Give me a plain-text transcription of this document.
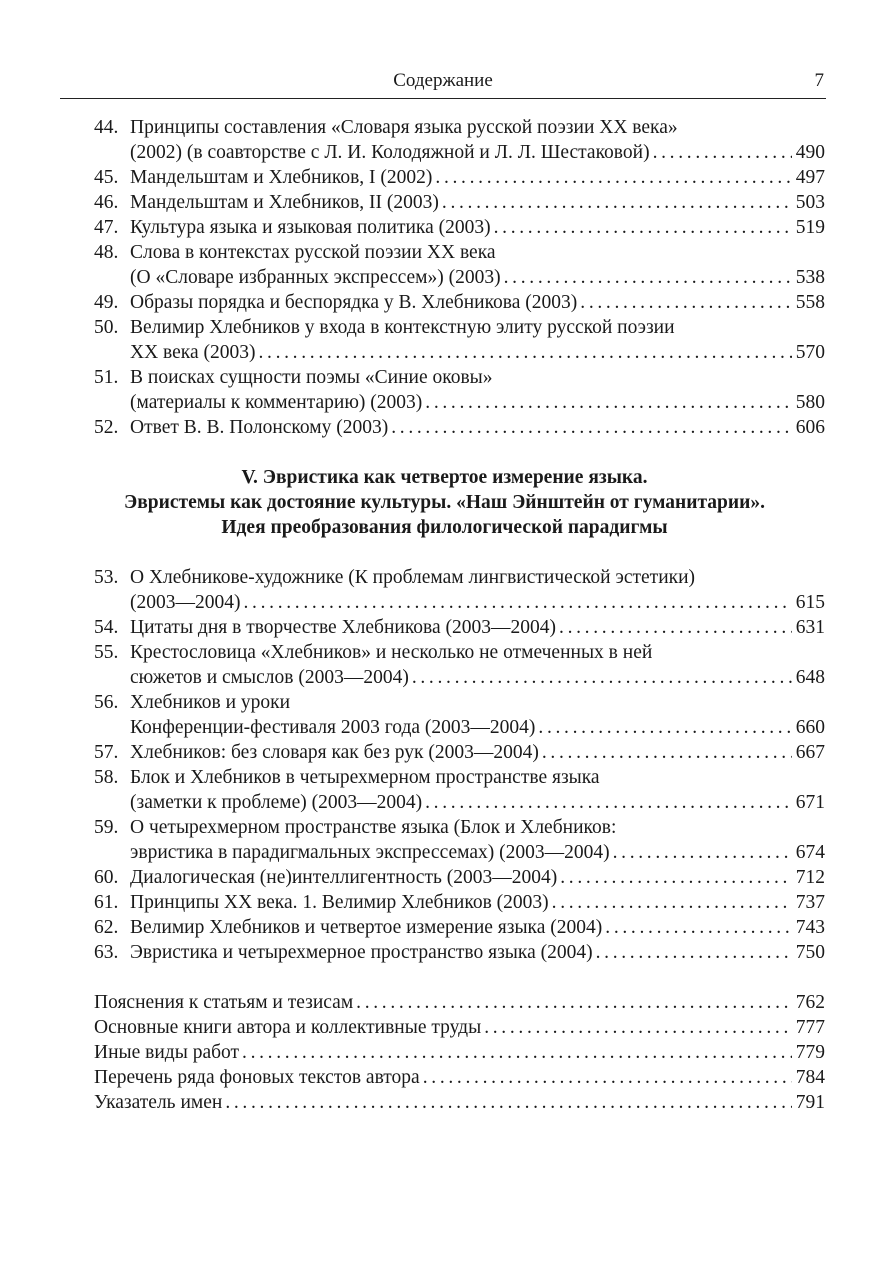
Содержание	7
44. Принципы составления «Словаря языка русской поэзии XX века»
(2002) (в соавторстве с Л. И. Колодяжной и Л. Л. Шестаковой) . . .	490
45. Мандельштам и Хлебников, I (2002) . . .	497
46. Мандельштам и Хлебников, II (2003) . . .	503
47. Культура языка и языковая политика (2003) . . .	519
48. Слова в контекстах русской поэзии XX века
(О «Словаре избранных экспрессем») (2003) . . .	538
49. Образы порядка и беспорядка у В. Хлебникова (2003) . . .	558
50. Велимир Хлебников у входа в контекстную элиту русской поэзии
XX века (2003) . . .	570
51. В поисках сущности поэмы «Синие оковы»
(материалы к комментарию) (2003) . . .	580
52. Ответ В. В. Полонскому (2003) . . .	606
V. Эвристика как четвертое измерение языка.
Эвристемы как достояние культуры. «Наш Эйнштейн от гуманитарии».
Идея преобразования филологической парадигмы
53. О Хлебникове-художнике (К проблемам лингвистической эстетики)
(2003—2004) . . .	615
54. Цитаты дня в творчестве Хлебникова (2003—2004) . . .	631
55. Крестословица «Хлебников» и несколько не отмеченных в ней
сюжетов и смыслов (2003—2004) . . .	648
56. Хлебников и уроки
Конференции-фестиваля 2003 года (2003—2004) . . .	660
57. Хлебников: без словаря как без рук (2003—2004) . . .	667
58. Блок и Хлебников в четырехмерном пространстве языка
(заметки к проблеме) (2003—2004) . . .	671
59. О четырехмерном пространстве языка (Блок и Хлебников:
эвристика в парадигмальных экспрессемах) (2003—2004) . . .	674
60. Диалогическая (не)интеллигентность (2003—2004) . . .	712
61. Принципы XX века. 1. Велимир Хлебников (2003) . . .	737
62. Велимир Хлебников и четвертое измерение языка (2004) . . .	743
63. Эвристика и четырехмерное пространство языка (2004) . . .	750
Пояснения к статьям и тезисам . . .	762
Основные книги автора и коллективные труды . . .	777
Иные виды работ . . .	779
Перечень ряда фоновых текстов автора . . .	784
Указатель имен . . .	791
